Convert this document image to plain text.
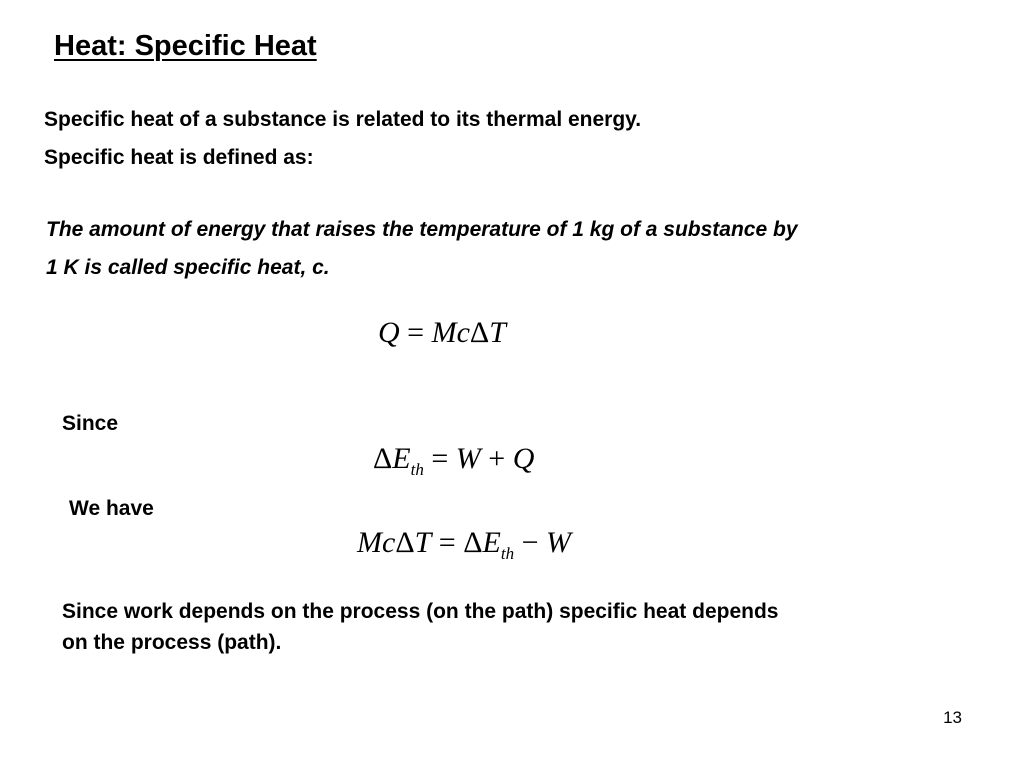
Heat: Specific Heat
Specific heat of a substance is related to its thermal energy.
Specific heat is defined as:
The amount of energy that raises the temperature of 1 kg of a substance by
1 K is called specific heat, c.
Q = McΔT
Since
$\Delta E_{th} = W + Q$
We have
$Mc\Delta T = \Delta E_{th} - W$
Since work depends on the process (on the path) specific heat depends
on the process (path).
13
